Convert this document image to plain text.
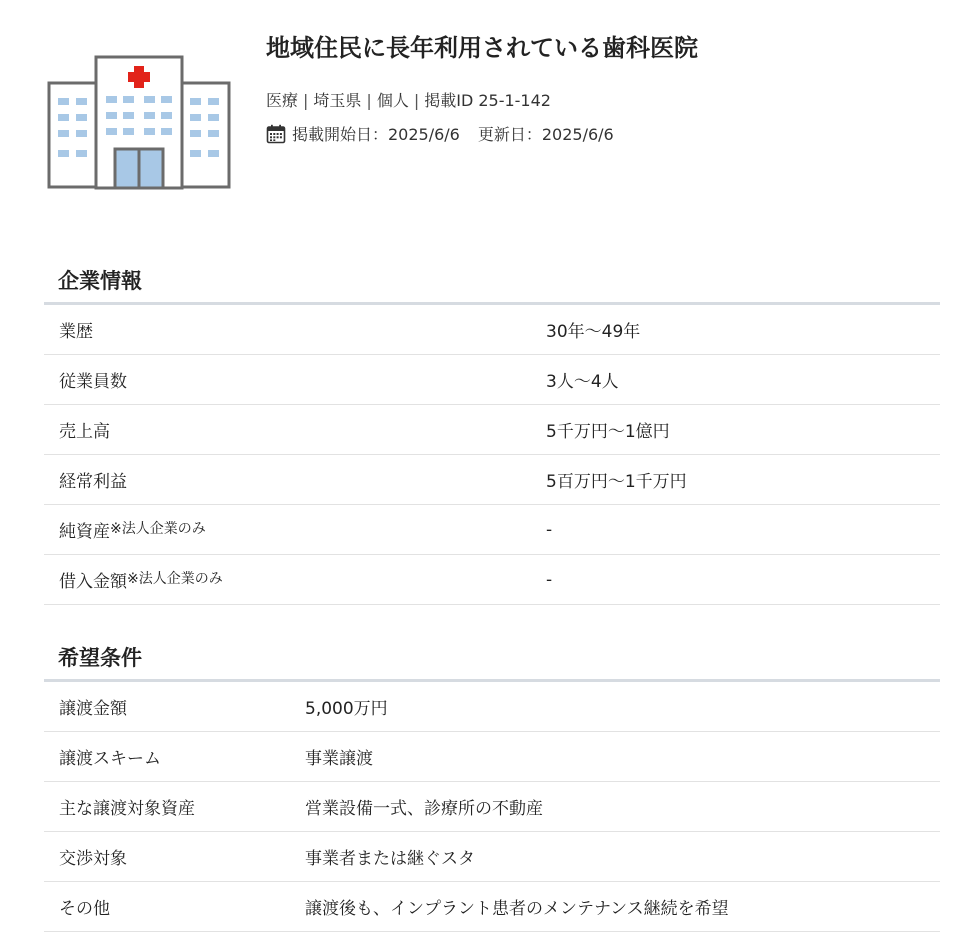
地域住民に長年利用されている歯科医院
医療 | 埼玉県 | 個人 | 掲載ID 25-1-142
掲載開始日：2025/6/6 更新日：2025/6/6
企業情報
業歴	30年〜49年
従業員数	3人〜4人
売上高	5千万円〜1億円
経常利益	5百万円〜1千万円
純資産$^{※法人企業のみ}$	-
借入金額$^{※法人企業のみ}$	-
希望条件
譲渡金額	5,000万円
譲渡スキーム	事業譲渡
主な譲渡対象資産	営業設備一式、診療所の不動産
交渉対象	事業者または継ぐスタ
その他	譲渡後も、インプラント患者のメンテナンス継続を希望
